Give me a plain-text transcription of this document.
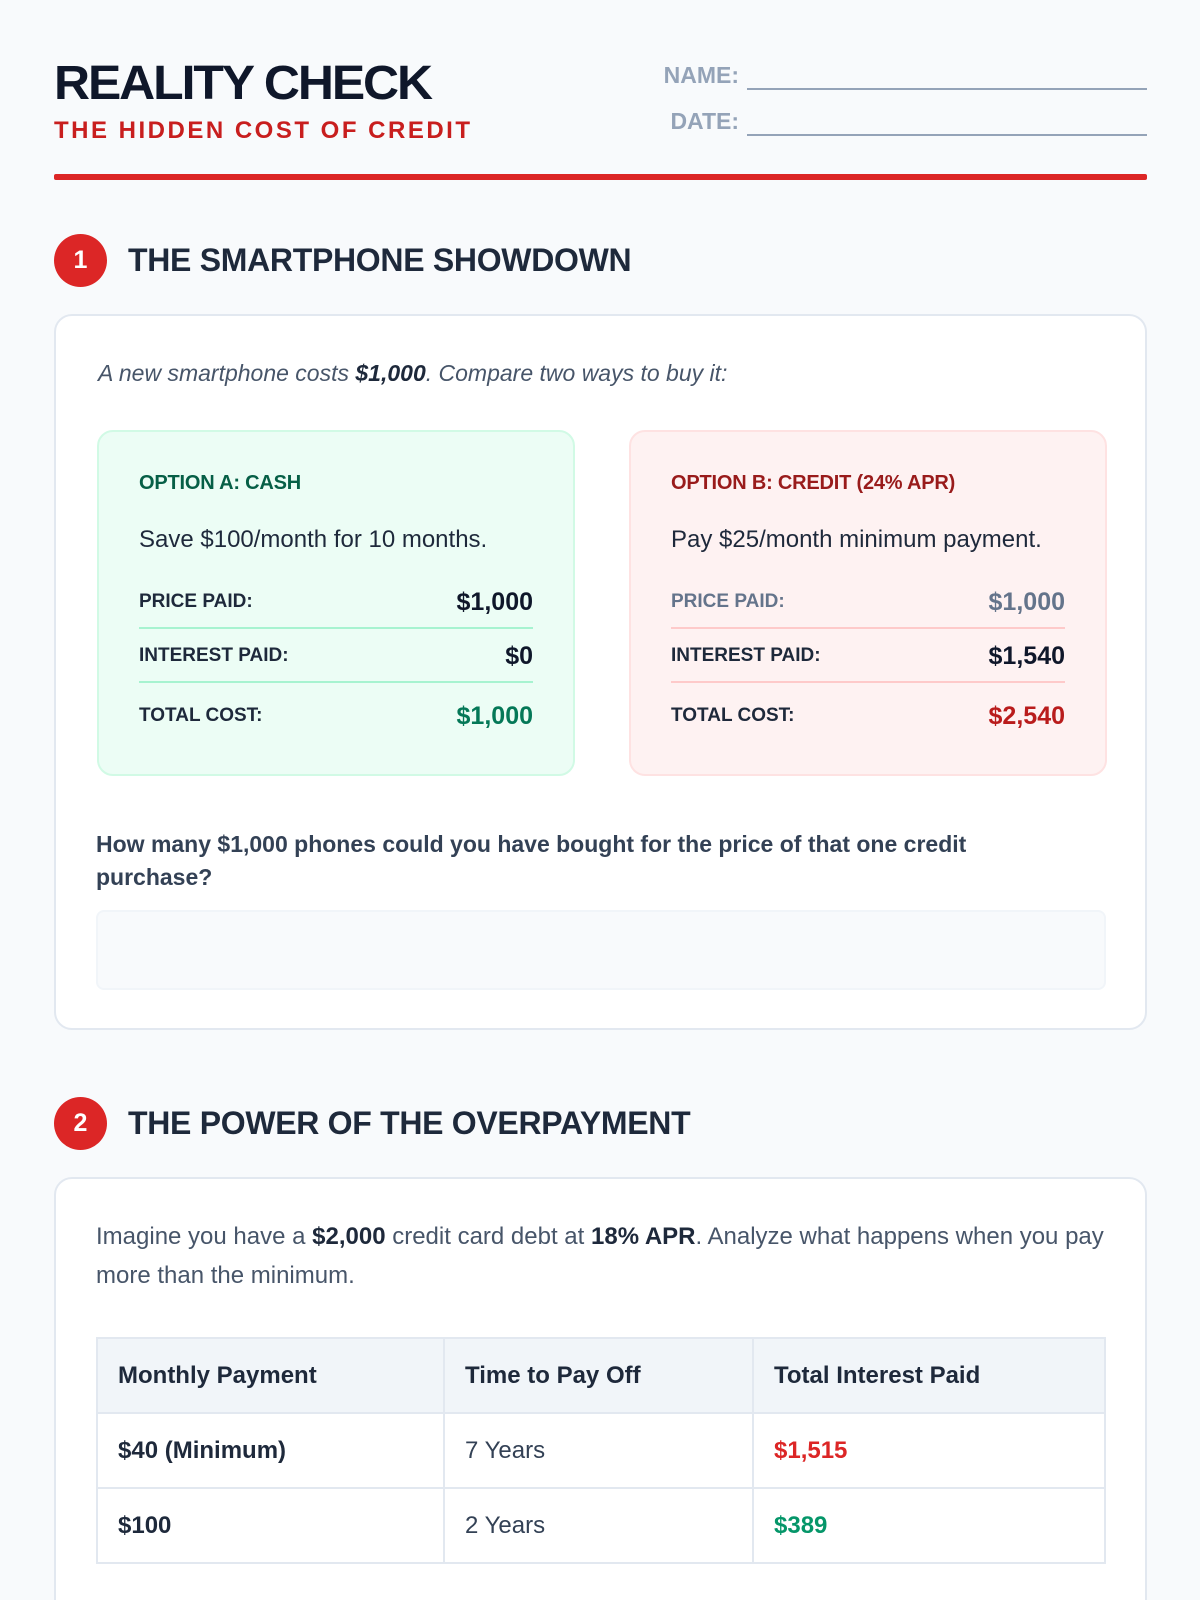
REALITY CHECK
THE HIDDEN COST OF CREDIT
NAME:
DATE:
1	THE SMARTPHONE SHOWDOWN
A new smartphone costs $1,000. Compare two ways to buy it:
OPTION A: CASH
Save $100/month for 10 months.
PRICE PAID:	$1,000
INTEREST PAID:	$0
TOTAL COST:	$1,000
OPTION B: CREDIT (24% APR)
Pay $25/month minimum payment.
PRICE PAID:	$1,000
INTEREST PAID:	$1,540
TOTAL COST:	$2,540
How many $1,000 phones could you have bought for the price of that one credit purchase?
2	THE POWER OF THE OVERPAYMENT
Imagine you have a $2,000 credit card debt at 18% APR. Analyze what happens when you pay more than the minimum.
Monthly Payment	Time to Pay Off	Total Interest Paid
$40 (Minimum)	7 Years	$1,515
$100	2 Years	$389
